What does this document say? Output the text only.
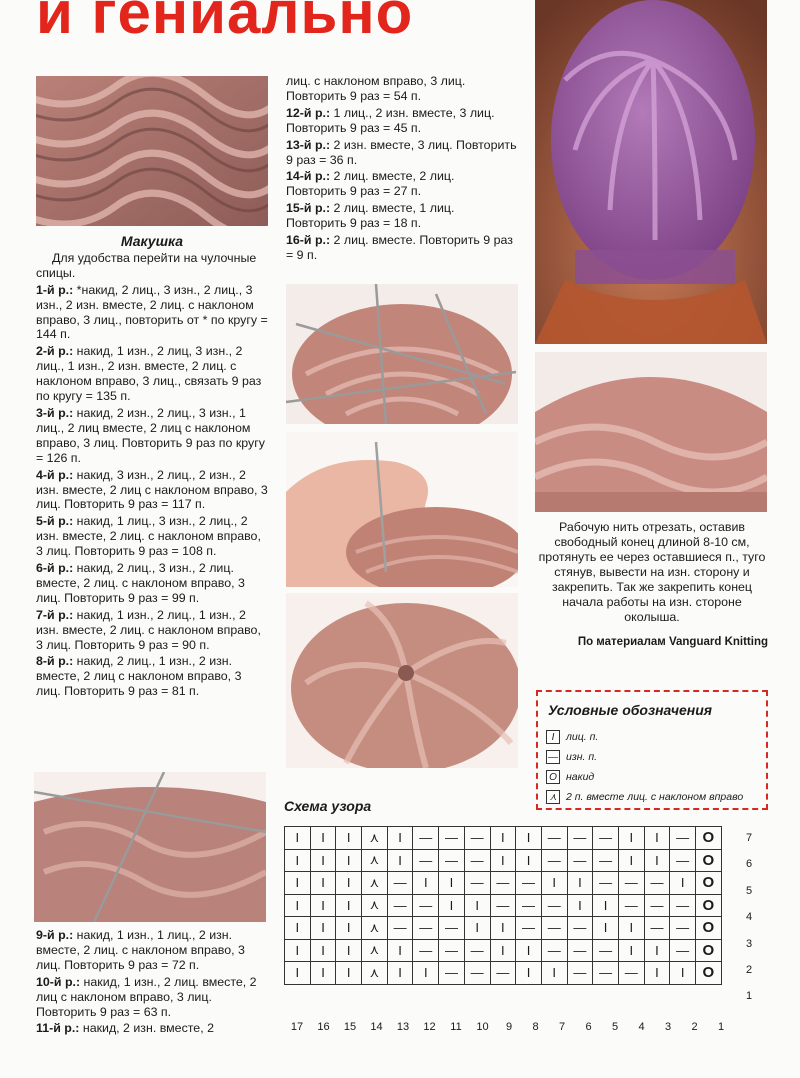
и гениально
Макушка

Для удобства перейти на чулочные спицы.

1-й р.: *накид, 2 лиц., 3 изн., 2 лиц., 3 изн., 2 изн. вместе, 2 лиц. с наклоном вправо, 3 лиц., повторить от * по кругу = 144 п.

2-й р.: накид, 1 изн., 2 лиц, 3 изн., 2 лиц., 1 изн., 2 изн. вместе, 2 лиц. с наклоном вправо, 3 лиц., связать 9 раз по кругу = 135 п.

3-й р.: накид, 2 изн., 2 лиц., 3 изн., 1 лиц., 2 лиц вместе, 2 лиц с наклоном вправо, 3 лиц. Повторить 9 раз по кругу = 126 п.

4-й р.: накид, 3 изн., 2 лиц., 2 изн., 2 изн. вместе, 2 лиц с наклоном вправо, 3 лиц. Повторить 9 раз = 117 п.

5-й р.: накид, 1 лиц., 3 изн., 2 лиц., 2 изн. вместе, 2 лиц. с наклоном вправо, 3 лиц. Повторить 9 раз = 108 п.

6-й р.: накид, 2 лиц., 3 изн., 2 лиц. вместе, 2 лиц. с наклоном вправо, 3 лиц. Повторить 9 раз = 99 п.

7-й р.: накид, 1 изн., 2 лиц., 1 изн., 2 изн. вместе, 2 лиц. с наклоном вправо, 3 лиц. Повторить 9 раз = 90 п.

8-й р.: накид, 2 лиц., 1 изн., 2 изн. вместе, 2 лиц с наклоном вправо, 3 лиц. Повторить 9 раз = 81 п.

9-й р.: накид, 1 изн., 1 лиц., 2 изн. вместе, 2 лиц. с наклоном вправо, 3 лиц. Повторить 9 раз = 72 п.

10-й р.: накид, 1 изн., 2 лиц. вместе, 2 лиц с наклоном вправо, 3 лиц. Повторить 9 раз = 63 п.

11-й р.: накид, 2 изн. вместе, 2

лиц. с наклоном вправо, 3 лиц. Повторить 9 раз = 54 п.

12-й р.: 1 лиц., 2 изн. вместе, 3 лиц. Повторить 9 раз = 45 п.

13-й р.: 2 изн. вместе, 3 лиц. Повторить 9 раз = 36 п.

14-й р.: 2 лиц. вместе, 2 лиц. Повторить 9 раз = 27 п.

15-й р.: 2 лиц. вместе, 1 лиц. Повторить 9 раз = 18 п.

16-й р.: 2 лиц. вместе. Повторить 9 раз = 9 п.

Рабочую нить отрезать, оставив свободный конец длиной 8-10 см, протянуть ее через оставшиеся п., туго стянув, вывести на изн. сторону и закрепить. Так же закрепить конец начала работы на изн. стороне околыша.
По материалам Vanguard Knitting
Условные обозначения
I	лиц. п.
— изн. п.
O накид
⋏ 2 п. вместе лиц. с наклоном вправо
Схема узора
I	I	I	⋏	I	—	—	—	I	I	—	—	—	I	I	—	O
I	I	I	⋏	I	—	—	—	I	I	—	—	—	I	I	—	O
I	I	I	⋏	—	I	I	—	—	—	I	I	—	—	—	I	O
I	I	I	⋏	—	—	I	I	—	—	—	I	I	—	—	—	O
I	I	I	⋏	—	—	—	I	I	—	—	—	I	I	—	—	O
I	I	I	⋏	I	—	—	—	I	I	—	—	—	I	I	—	O
I	I	I	⋏	I	I	—	—	—	I	I	—	—	—	I	I	O
7
6
5
4
3
2
1
17	16	15	14	13	12	11	10	9	8	7	6	5	4	3	2	1
